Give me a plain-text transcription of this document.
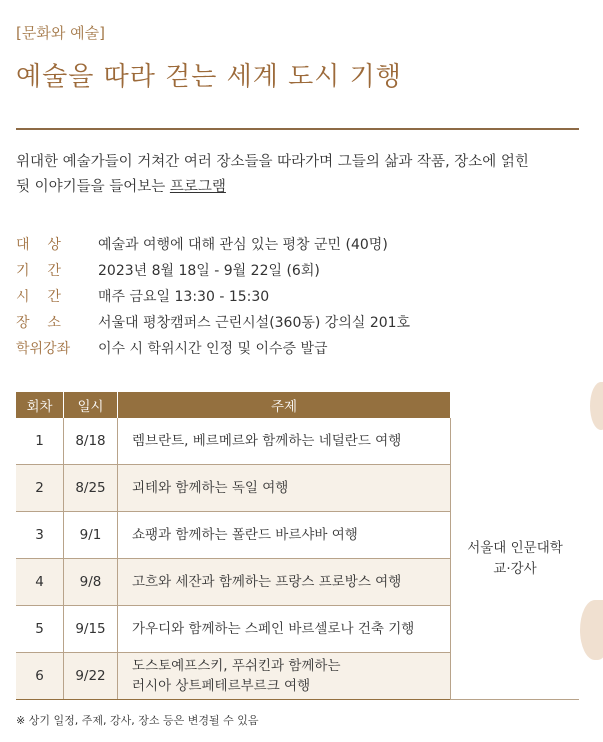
[문화와 예술]
예술을 따라 걷는 세계 도시 기행
위대한 예술가들이 거쳐간 여러 장소들을 따라가며 그들의 삶과 작품, 장소에 얽힌
뒷 이야기들을 들어보는 프로그램
대    상	예술과 여행에 대해 관심 있는 평창 군민 (40명)
기    간	2023년 8월 18일 - 9월 22일 (6회)
시    간	매주 금요일 13:30 - 15:30
장    소	서울대 평창캠퍼스 근린시설(360동) 강의실 201호
학위강좌	이수 시 학위시간 인정 및 이수증 발급
회차	일시	주제	강사
1	8/18	렘브란트, 베르메르와 함께하는 네덜란드 여행	서울대 인문대학
교·강사

2	8/25	괴테와 함께하는 독일 여행	
3	9/1	쇼팽과 함께하는 폴란드 바르샤바 여행	
4	9/8	고흐와 세잔과 함께하는 프랑스 프로방스 여행	
5	9/15	가우디와 함께하는 스페인 바르셀로나 건축 기행	
6	9/22	도스토예프스키, 푸쉬킨과 함께하는
러시아 상트페테르부르크 여행	
※ 상기 일정, 주제, 강사, 장소 등은 변경될 수 있음
